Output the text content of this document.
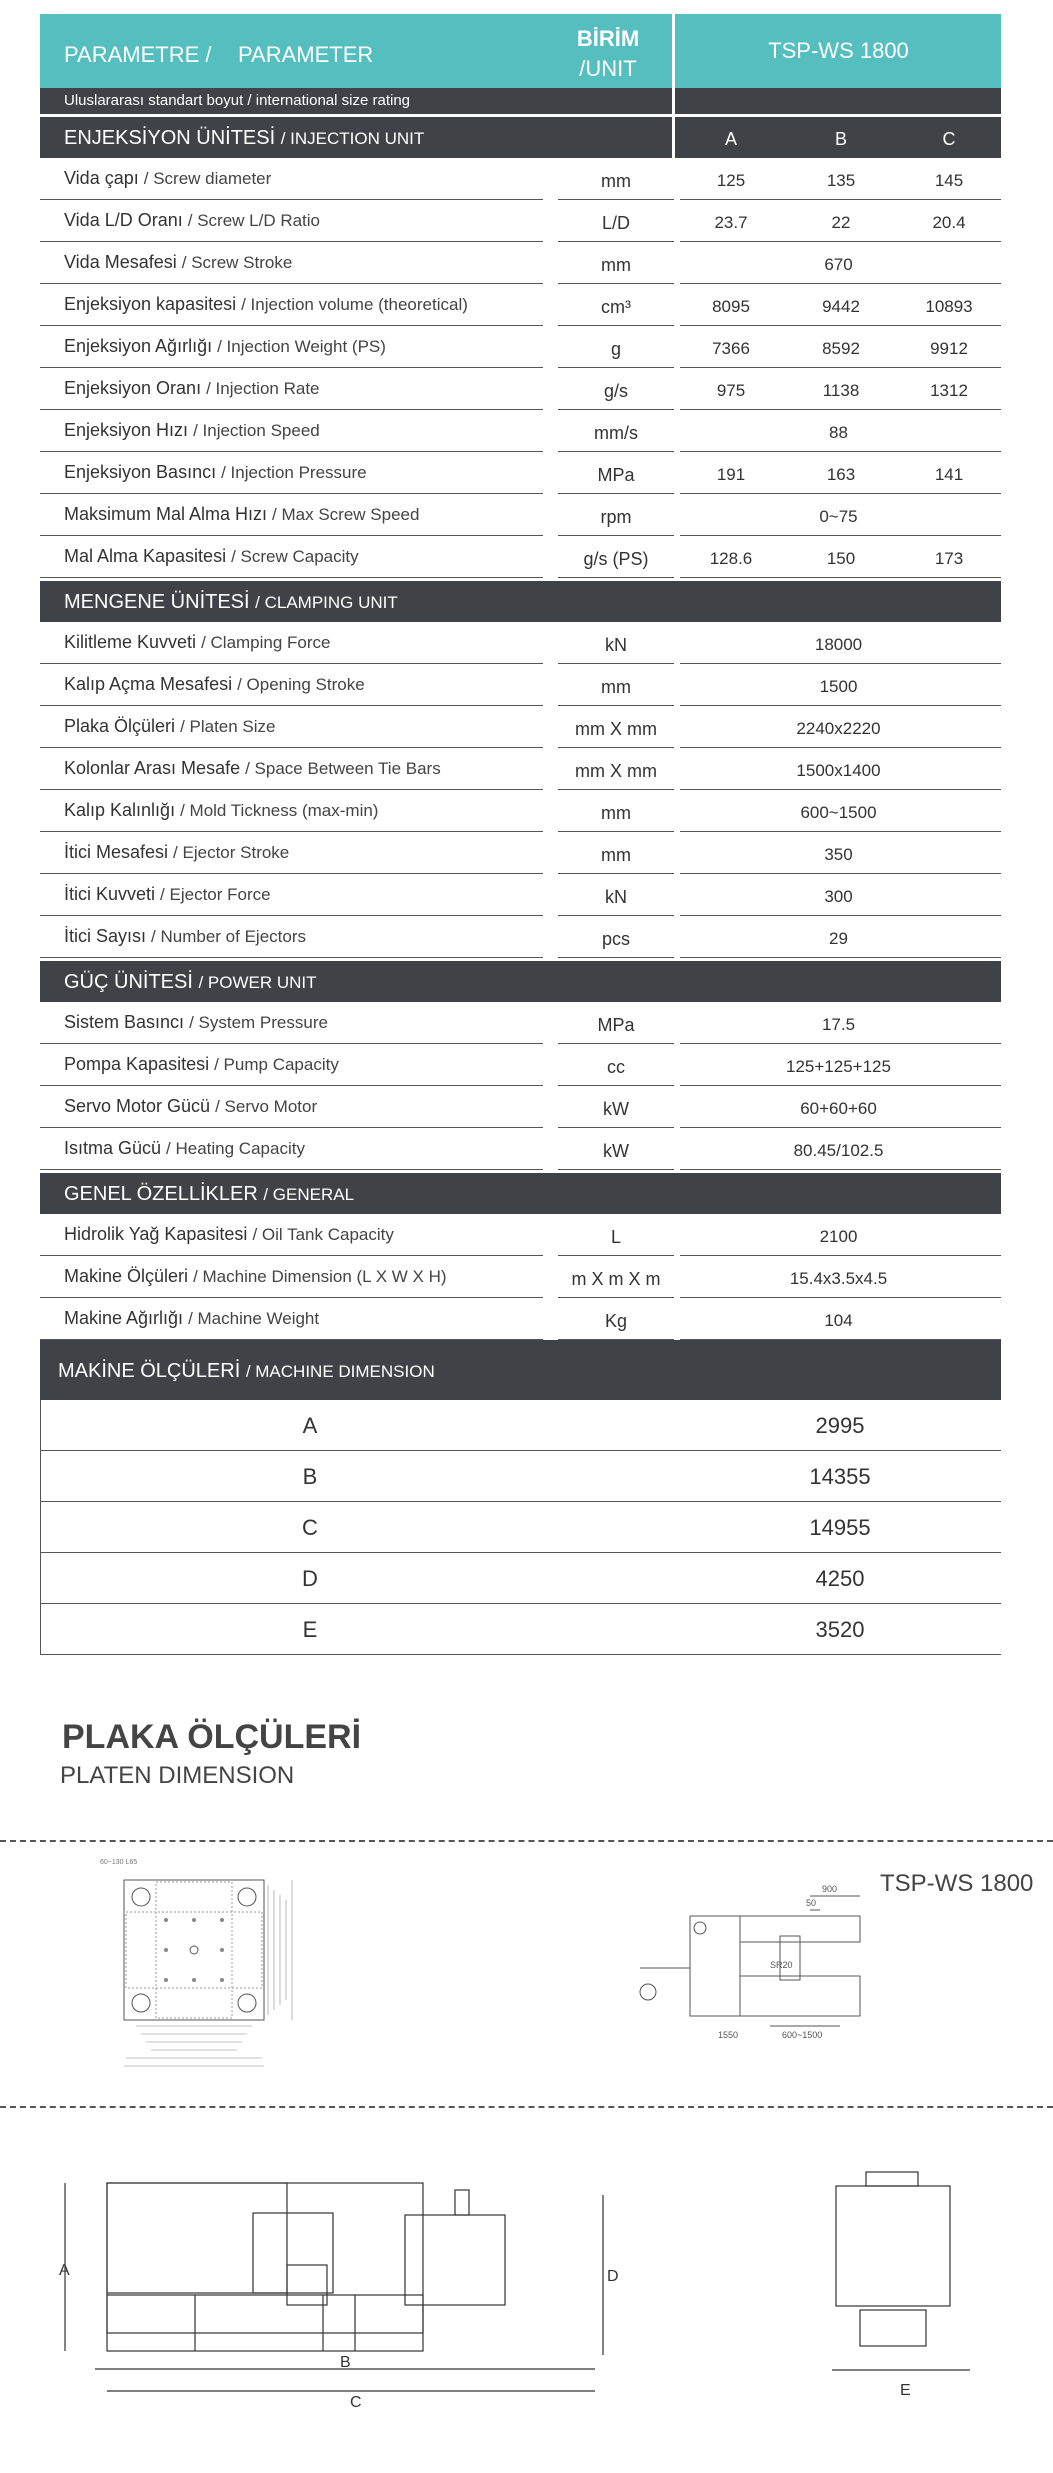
PARAMETRE / PARAMETER
BİRİM
/UNIT
TSP-WS 1800
Uluslararası standart boyut / international size rating
ENJEKSİYON ÜNİTESİ / INJECTION UNIT	A	B	C
Vida çapı / Screw diameter	mm	125	135	145
Vida L/D Oranı / Screw L/D Ratio	L/D	23.7	22	20.4
Vida Mesafesi / Screw Stroke	mm	670
Enjeksiyon kapasitesi / Injection volume (theoretical)	cm³	8095	9442	10893
Enjeksiyon Ağırlığı / Injection Weight (PS)	g	7366	8592	9912
Enjeksiyon Oranı / Injection Rate	g/s	975	1138	1312
Enjeksiyon Hızı / Injection Speed	mm/s	88
Enjeksiyon Basıncı / Injection Pressure	MPa	191	163	141
Maksimum Mal Alma Hızı / Max Screw Speed	rpm	0~75
Mal Alma Kapasitesi / Screw Capacity	g/s (PS)	128.6	150	173
MENGENE ÜNİTESİ / CLAMPING UNIT
Kilitleme Kuvveti / Clamping Force	kN	18000
Kalıp Açma Mesafesi / Opening Stroke	mm	1500
Plaka Ölçüleri / Platen Size	mm X mm	2240x2220
Kolonlar Arası Mesafe / Space Between Tie Bars	mm X mm	1500x1400
Kalıp Kalınlığı / Mold Tickness (max-min)	mm	600~1500
İtici Mesafesi / Ejector Stroke	mm	350
İtici Kuvveti / Ejector Force	kN	300
İtici Sayısı / Number of Ejectors	pcs	29
GÜÇ ÜNİTESİ / POWER UNIT
Sistem Basıncı / System Pressure	MPa	17.5
Pompa Kapasitesi / Pump Capacity	cc	125+125+125
Servo Motor Gücü / Servo Motor	kW	60+60+60
Isıtma Gücü / Heating Capacity	kW	80.45/102.5
GENEL ÖZELLİKLER / GENERAL
Hidrolik Yağ Kapasitesi / Oil Tank Capacity	L	2100
Makine Ölçüleri / Machine Dimension (L X W X H)	m X m X m	15.4x3.5x4.5
Makine Ağırlığı / Machine Weight	Kg	104
MAKİNE ÖLÇÜLERİ / MACHINE DIMENSION
A	2995
B	14355
C	14955
D	4250
E	3520
PLAKA ÖLÇÜLERİ
PLATEN DIMENSION
TSP-WS 1800
60~130 L65
900
50
SR20
1550	600~1500
A
B
C
D
E
